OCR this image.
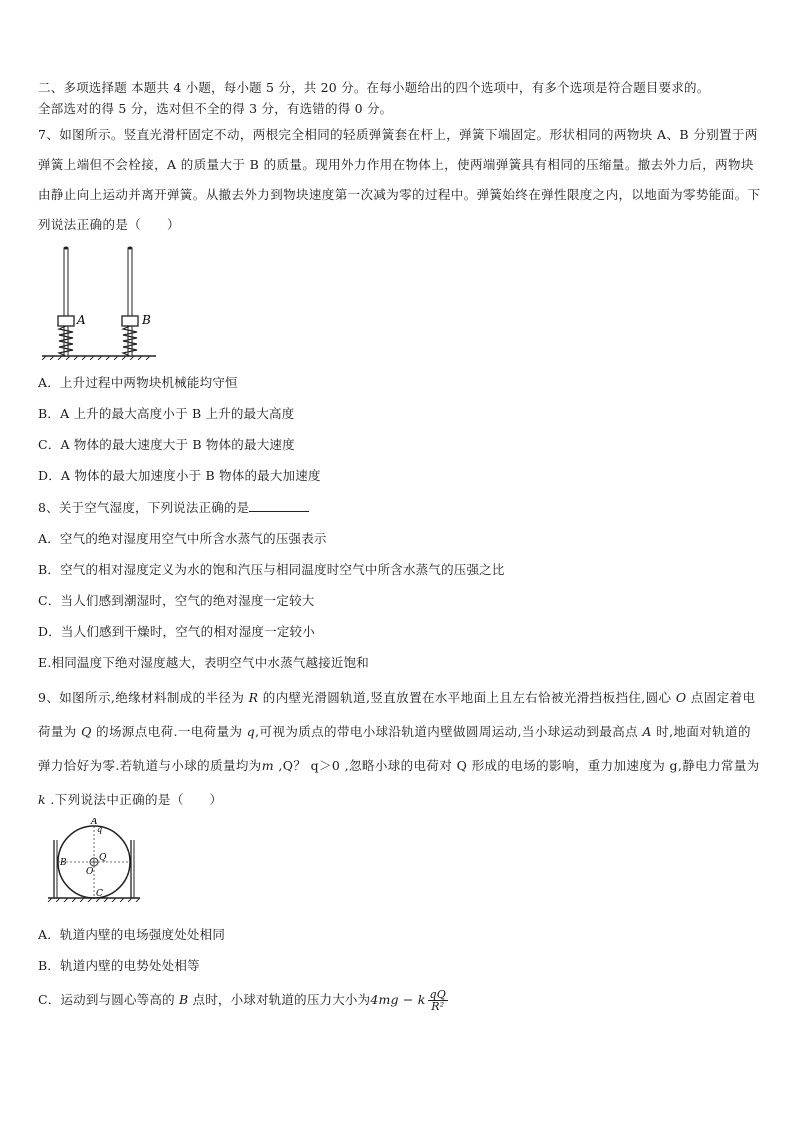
二、多项选择题 本题共 4 小题，每小题 5 分，共 20 分。在每小题给出的四个选项中，有多个选项是符合题目要求的。
全部选对的得 5 分，选对但不全的得 3 分，有选错的得 0 分。
7、如图所示。竖直光滑杆固定不动，两根完全相同的轻质弹簧套在杆上，弹簧下端固定。形状相同的两物块 A、B 分别置于两弹簧上端但不会栓接，A 的质量大于 B 的质量。现用外力作用在物体上，使两端弹簧具有相同的压缩量。撤去外力后，两物块由静止向上运动并离开弹簧。从撤去外力到物块速度第一次减为零的过程中。弹簧始终在弹性限度之内，以地面为零势能面。下列说法正确的是（　　）
A	B
A．上升过程中两物块机械能均守恒
B．A 上升的最大高度小于 B 上升的最大高度
C．A 物体的最大速度大于 B 物体的最大速度
D．A 物体的最大加速度小于 B 物体的最大加速度
8、关于空气湿度，下列说法正确的是
A．空气的绝对湿度用空气中所含水蒸气的压强表示
B．空气的相对湿度定义为水的饱和汽压与相同温度时空气中所含水蒸气的压强之比
C．当人们感到潮湿时，空气的绝对湿度一定较大
D．当人们感到干燥时，空气的相对湿度一定较小
E.相同温度下绝对湿度越大，表明空气中水蒸气越接近饱和
9、如图所示,绝缘材料制成的半径为 R 的内壁光滑圆轨道,竖直放置在水平地面上且左右恰被光滑挡板挡住,圆心 O 点固定着电荷量为 Q 的场源点电荷.一电荷量为 q,可视为质点的带电小球沿轨道内壁做圆周运动,当小球运动到最高点 A 时,地面对轨道的弹力恰好为零.若轨道与小球的质量均为m ,Q？ q＞0 ,忽略小球的电荷对 Q 形成的电场的影响，重力加速度为 g,静电力常量为k .下列说法中正确的是（　　）
A
q
B	Q
O
C
A．轨道内壁的电场强度处处相同
B．轨道内壁的电势处处相等
C．运动到与圆心等高的 B 点时，小球对轨道的压力大小为4mg − k $\frac{qQ}{\text{R²}}$
